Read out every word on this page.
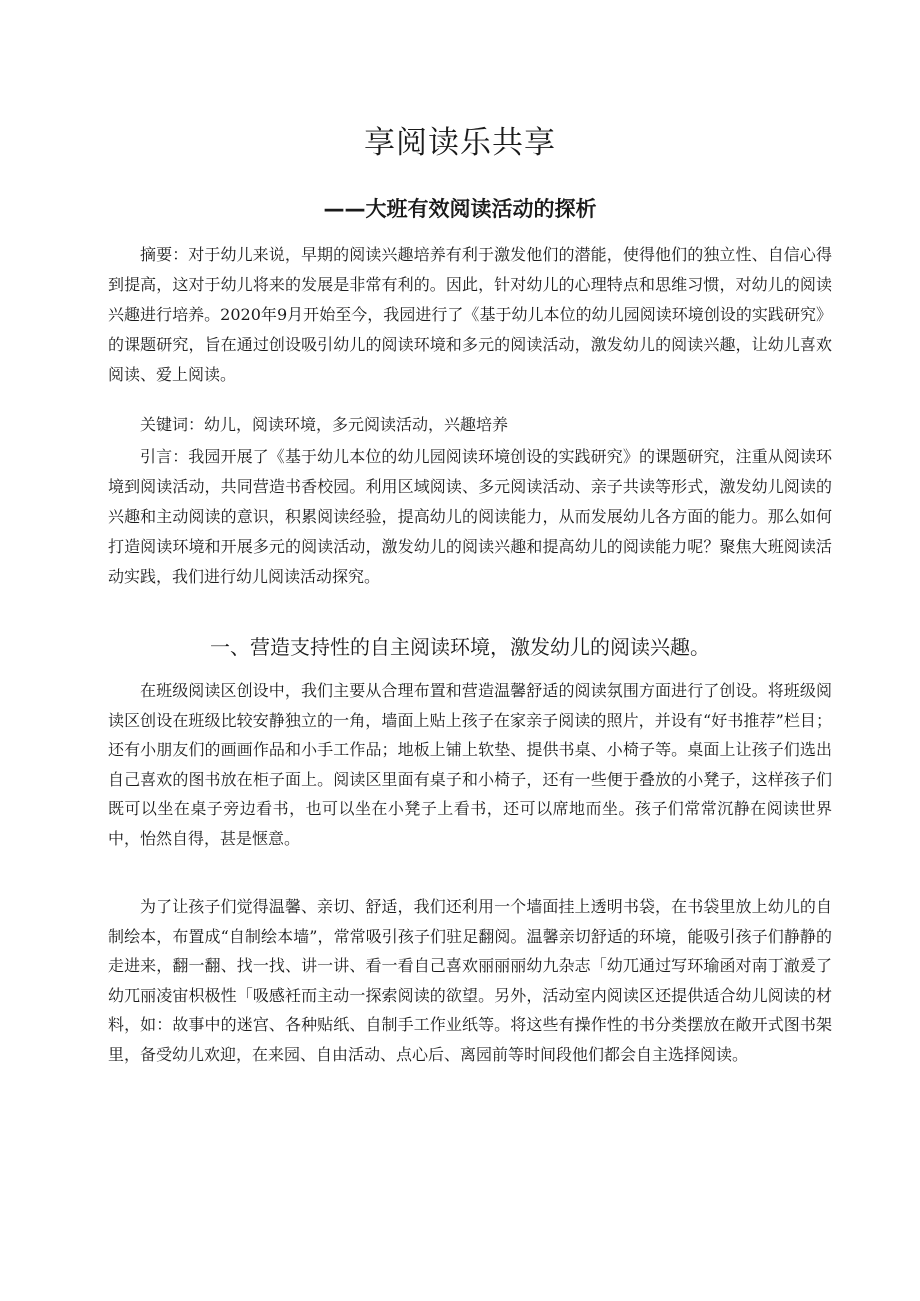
享阅读乐共享
——大班有效阅读活动的探析

摘要：对于幼儿来说，早期的阅读兴趣培养有利于激发他们的潜能，使得他们的独立性、自信心得到提高，这对于幼儿将来的发展是非常有利的。因此，针对幼儿的心理特点和思维习惯，对幼儿的阅读兴趣进行培养。2020年9月开始至今，我园进行了《基于幼儿本位的幼儿园阅读环境创设的实践研究》的课题研究，旨在通过创设吸引幼儿的阅读环境和多元的阅读活动，激发幼儿的阅读兴趣，让幼儿喜欢阅读、爱上阅读。

关键词：幼儿，阅读环境，多元阅读活动，兴趣培养

引言：我园开展了《基于幼儿本位的幼儿园阅读环境创设的实践研究》的课题研究，注重从阅读环境到阅读活动，共同营造书香校园。利用区域阅读、多元阅读活动、亲子共读等形式，激发幼儿阅读的兴趣和主动阅读的意识，积累阅读经验，提高幼儿的阅读能力，从而发展幼儿各方面的能力。那么如何打造阅读环境和开展多元的阅读活动，激发幼儿的阅读兴趣和提高幼儿的阅读能力呢？聚焦大班阅读活动实践，我们进行幼儿阅读活动探究。

一、营造支持性的自主阅读环境，激发幼儿的阅读兴趣。

在班级阅读区创设中，我们主要从合理布置和营造温馨舒适的阅读氛围方面进行了创设。将班级阅读区创设在班级比较安静独立的一角，墙面上贴上孩子在家亲子阅读的照片，并设有“好书推荐”栏目；还有小朋友们的画画作品和小手工作品；地板上铺上软垫、提供书桌、小椅子等。桌面上让孩子们选出自己喜欢的图书放在柜子面上。阅读区里面有桌子和小椅子，还有一些便于叠放的小凳子，这样孩子们既可以坐在桌子旁边看书，也可以坐在小凳子上看书，还可以席地而坐。孩子们常常沉静在阅读世界中，怡然自得，甚是惬意。

为了让孩子们觉得温馨、亲切、舒适，我们还利用一个墙面挂上透明书袋，在书袋里放上幼儿的自制绘本，布置成“自制绘本墙”，常常吸引孩子们驻足翻阅。温馨亲切舒适的环境，能吸引孩子们静静的走进来，翻一翻、找一找、讲一讲、看一看自己喜欢丽丽丽幼九杂志「幼兀通过写环瑜函对南丁澈爰了幼兀丽凌宙枳极性「吸感衽而主动一探索阅读的欲望。另外，活动室内阅读区还提供适合幼儿阅读的材料，如：故事中的迷宫、各种贴纸、自制手工作业纸等。将这些有操作性的书分类摆放在敞开式图书架里，备受幼儿欢迎，在来园、自由活动、点心后、离园前等时间段他们都会自主选择阅读。
